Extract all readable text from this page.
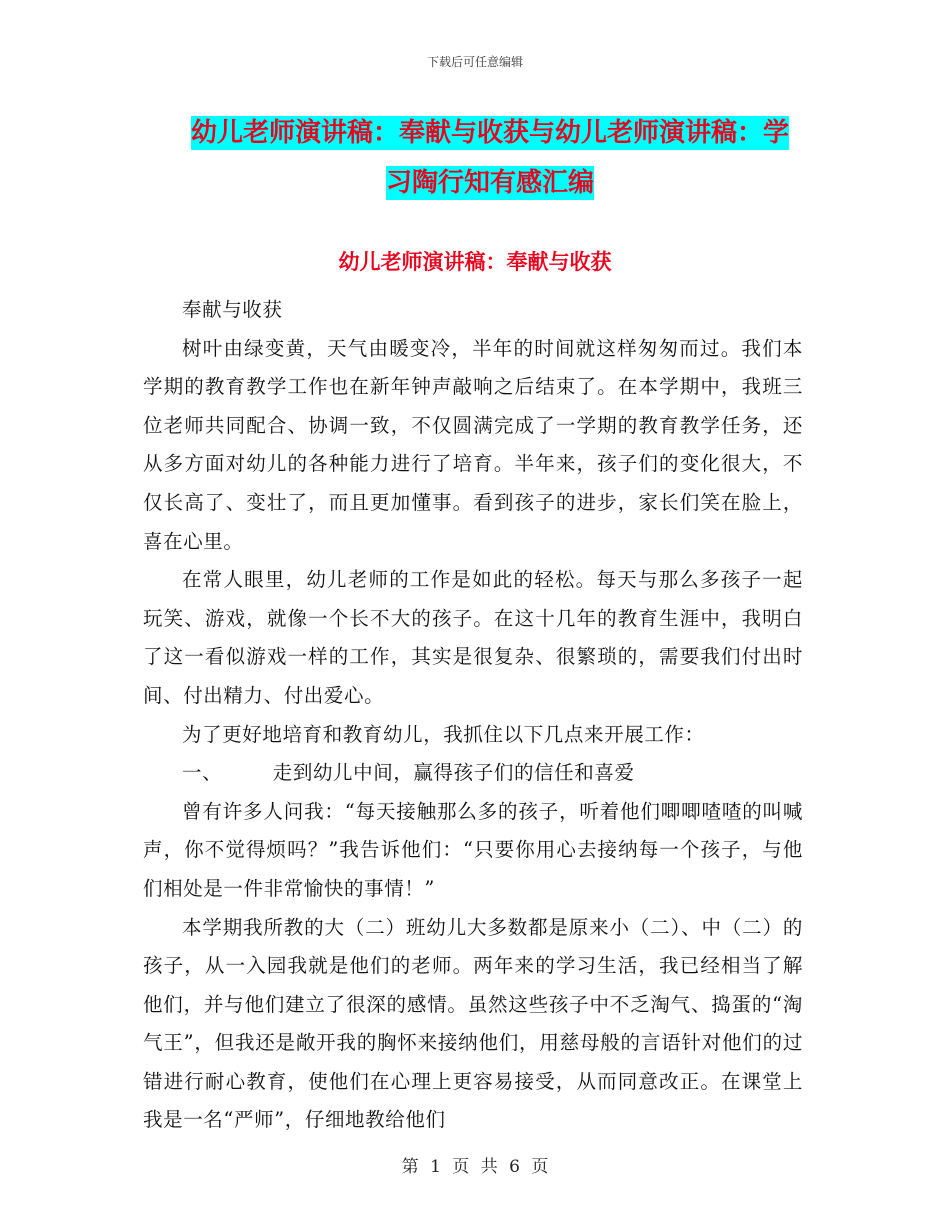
下载后可任意编辑
幼儿老师演讲稿：奉献与收获与幼儿老师演讲稿：学
习陶行知有感汇编
幼儿老师演讲稿：奉献与收获

奉献与收获

树叶由绿变黄，天气由暖变冷，半年的时间就这样匆匆而过。我们本学期的教育教学工作也在新年钟声敲响之后结束了。在本学期中，我班三位老师共同配合、协调一致，不仅圆满完成了一学期的教育教学任务，还从多方面对幼儿的各种能力进行了培育。半年来，孩子们的变化很大，不仅长高了、变壮了，而且更加懂事。看到孩子的进步，家长们笑在脸上，喜在心里。

在常人眼里，幼儿老师的工作是如此的轻松。每天与那么多孩子一起玩笑、游戏，就像一个长不大的孩子。在这十几年的教育生涯中，我明白了这一看似游戏一样的工作，其实是很复杂、很繁琐的，需要我们付出时间、付出精力、付出爱心。

为了更好地培育和教育幼儿，我抓住以下几点来开展工作：

一、　　　走到幼儿中间，赢得孩子们的信任和喜爱

曾有许多人问我：“每天接触那么多的孩子，听着他们唧唧喳喳的叫喊声，你不觉得烦吗？”我告诉他们：“只要你用心去接纳每一个孩子，与他们相处是一件非常愉快的事情！”

本学期我所教的大（二）班幼儿大多数都是原来小（二）、中（二）的孩子，从一入园我就是他们的老师。两年来的学习生活，我已经相当了解他们，并与他们建立了很深的感情。虽然这些孩子中不乏淘气、捣蛋的“淘气王”，但我还是敞开我的胸怀来接纳他们，用慈母般的言语针对他们的过错进行耐心教育，使他们在心理上更容易接受，从而同意改正。在课堂上我是一名“严师”，仔细地教给他们

第 1 页 共 6 页
